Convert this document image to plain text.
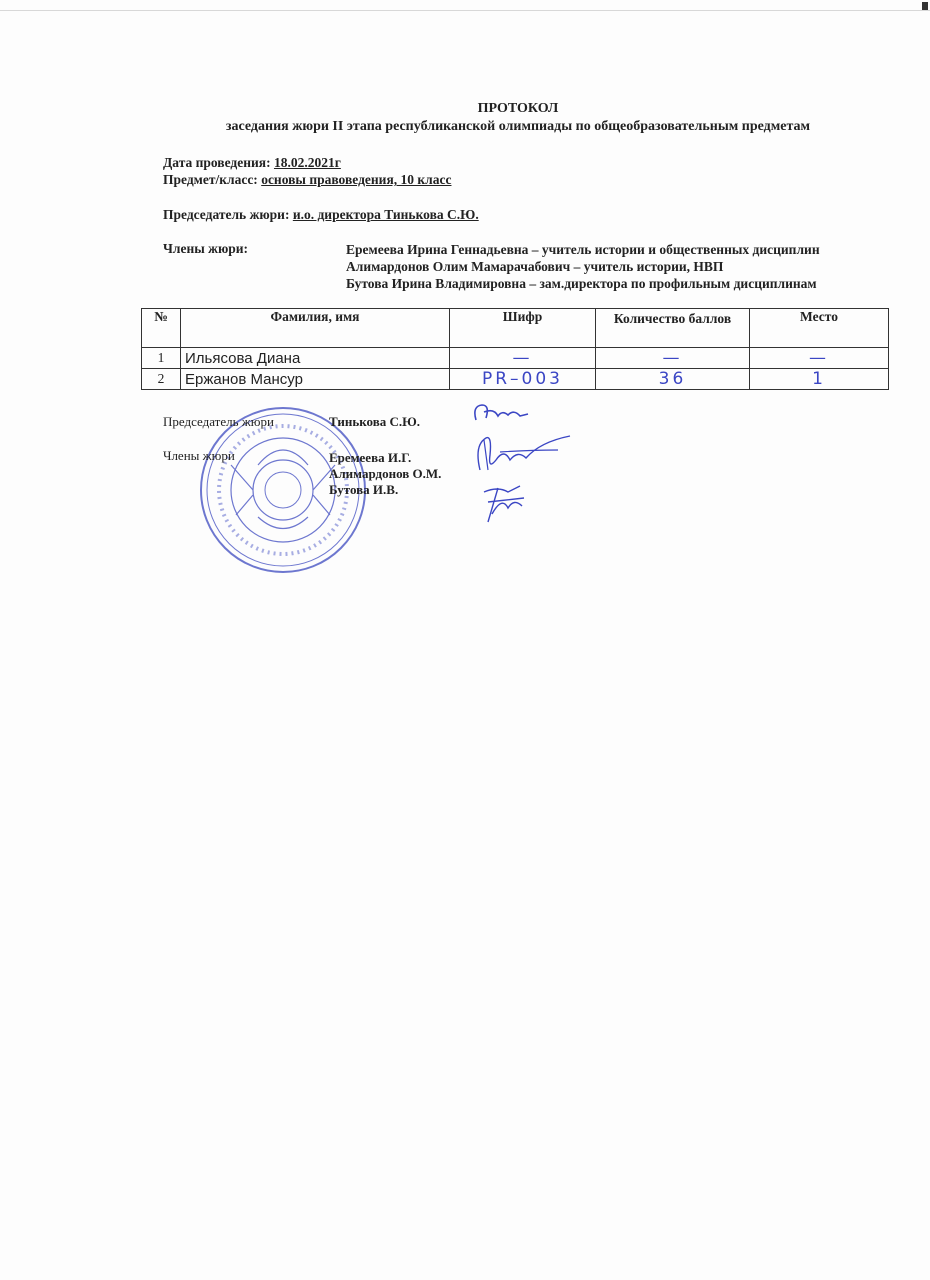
ПРОТОКОЛ
заседания жюри II этапа республиканской олимпиады по общеобразовательным предметам
Дата проведения: 18.02.2021г
Предмет/класс: основы правоведения, 10 класс
Председатель жюри: и.о. директора Тинькова С.Ю.
Члены жюри:	Еремеева Ирина Геннадьевна – учитель истории и общественных дисциплин
Алимардонов Олим Мамарачабович – учитель истории, НВП
Бутова Ирина Владимировна – зам.директора по профильным дисциплинам
№	Фамилия, имя	Шифр	Количество баллов	Место
1	Ильясова Диана	—	—	—
2	Ержанов Мансур	PR–003	36	1
Председатель жюри	Тинькова С.Ю.
Члены жюри	Еремеева И.Г.
Алимардонов О.М.
Бутова И.В.
